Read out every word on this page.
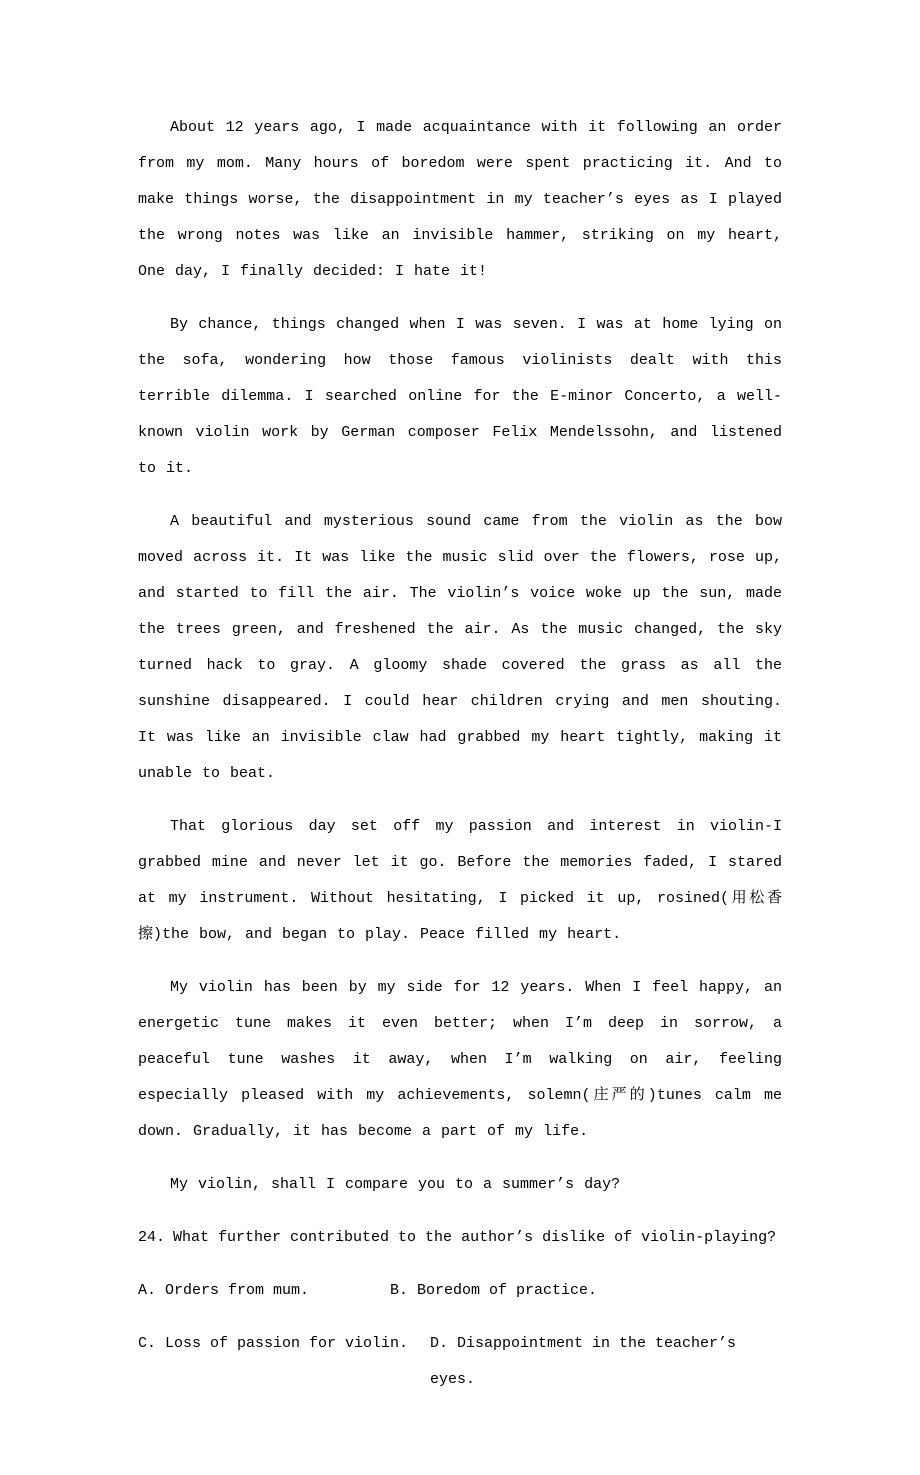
About 12 years ago, I made acquaintance with it following an order from my mom. Many hours of boredom were spent practicing it. And to make things worse, the disappointment in my teacher’s eyes as I played the wrong notes was like an invisible hammer, striking on my heart, One day, I finally decided: I hate it!

By chance, things changed when I was seven. I was at home lying on the sofa, wondering how those famous violinists dealt with this terrible dilemma. I searched online for the E-minor Concerto, a well-known violin work by German composer Felix Mendelssohn, and listened to it.

A beautiful and mysterious sound came from the violin as the bow moved across it. It was like the music slid over the flowers, rose up, and started to fill the air. The violin’s voice woke up the sun, made the trees green, and freshened the air. As the music changed, the sky turned hack to gray. A gloomy shade covered the grass as all the sunshine disappeared. I could hear children crying and men shouting. It was like an invisible claw had grabbed my heart tightly, making it unable to beat.

That glorious day set off my passion and interest in violin-I grabbed mine and never let it go. Before the memories faded, I stared at my instrument. Without hesitating, I picked it up, rosined(用松香擦)the bow, and began to play. Peace filled my heart.

My violin has been by my side for 12 years. When I feel happy, an energetic tune makes it even better; when I’m deep in sorrow, a peaceful tune washes it away, when I’m walking on air, feeling especially pleased with my achievements, solemn(庄严的)tunes calm me down. Gradually, it has become a part of my life.

My violin, shall I compare you to a summer’s day?

24. What further contributed to the author’s dislike of violin-playing?
A. Orders from mum.	B. Boredom of practice.
C. Loss of passion for violin.	D. Disappointment in the teacher’s eyes.
